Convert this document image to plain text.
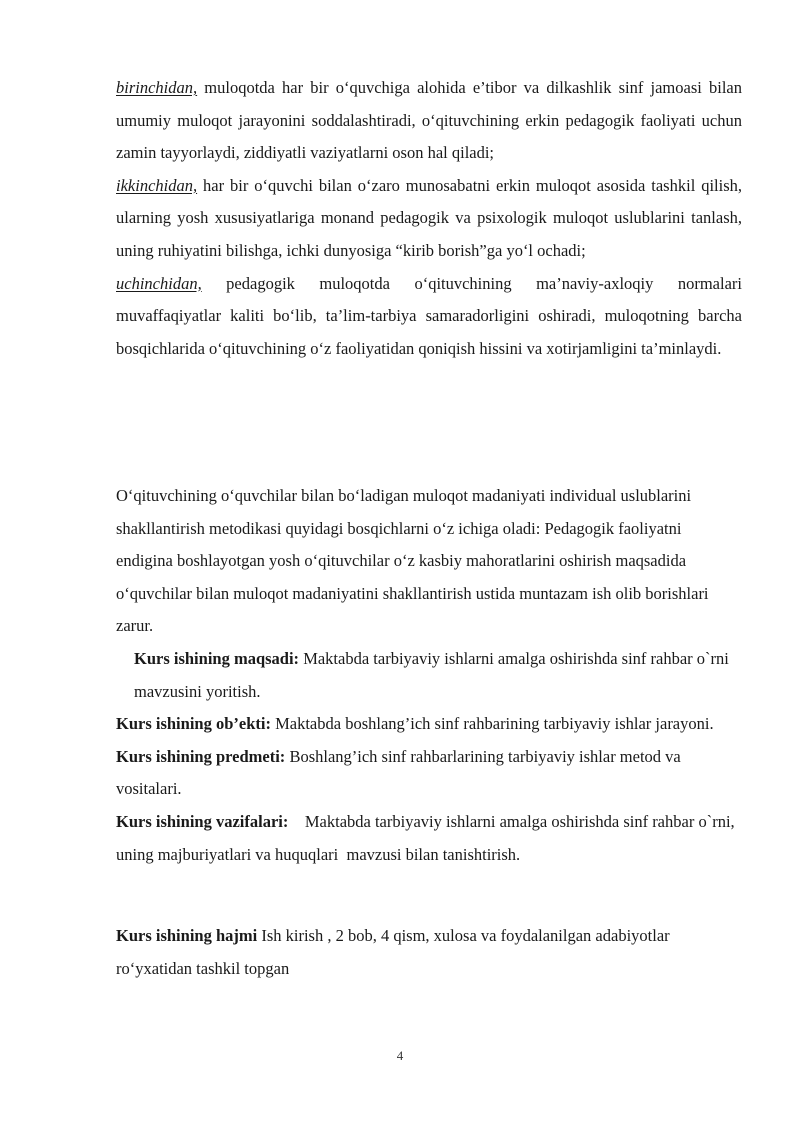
birinchidan, muloqotda har bir o‘quvchiga alohida e’tibor va dilkashlik sinf jamoasi bilan umumiy muloqot jarayonini soddalashtiradi, o‘qituvchining erkin pedagogik faoliyati uchun zamin tayyorlaydi, ziddiyatli vaziyatlarni oson hal qiladi;

ikkinchidan, har bir o‘quvchi bilan o‘zaro munosabatni erkin muloqot asosida tashkil qilish, ularning yosh xususiyatlariga monand pedagogik va psixologik muloqot uslublarini tanlash, uning ruhiyatini bilishga, ichki dunyosiga “kirib borish”ga yo‘l ochadi;

uchinchidan, pedagogik muloqotda o‘qituvchining ma’naviy-axloqiy normalari muvaffaqiyatlar kaliti bo‘lib, ta’lim-tarbiya samaradorligini oshiradi, muloqotning barcha bosqichlarida o‘qituvchining o‘z faoliyatidan qoniqish hissini va xotirjamligini ta’minlaydi.

O‘qituvchining o‘quvchilar bilan bo‘ladigan muloqot madaniyati individual uslublarini shakllantirish metodikasi quyidagi bosqichlarni o‘z ichiga oladi: Pedagogik faoliyatni endigina boshlayotgan yosh o‘qituvchilar o‘z kasbiy mahoratlarini oshirish maqsadida o‘quvchilar bilan muloqot madaniyatini shakllantirish ustida muntazam ish olib borishlari zarur.

Kurs ishining maqsadi: Maktabda tarbiyaviy ishlarni amalga oshirishda sinf rahbar o`rni mavzusini yoritish.

Kurs ishining ob’ekti: Maktabda boshlang’ich sinf rahbarining tarbiyaviy ishlar jarayoni.

Kurs ishining predmeti: Boshlang’ich sinf rahbarlarining tarbiyaviy ishlar metod va vositalari.

Kurs ishining vazifalari:    Maktabda tarbiyaviy ishlarni amalga oshirishda sinf rahbar o`rni, uning majburiyatlari va huquqlari  mavzusi bilan tanishtirish.

Kurs ishining hajmi Ish kirish , 2 bob, 4 qism, xulosa va foydalanilgan adabiyotlar ro‘yxatidan tashkil topgan

4
